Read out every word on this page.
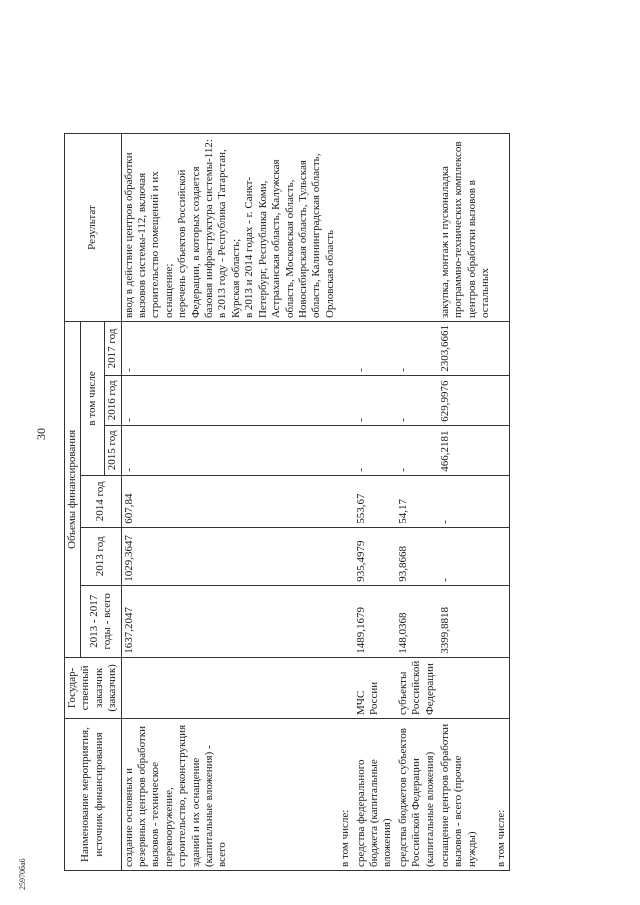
30
25970ба6
Наименование мероприятия, источник финансирования	Государ-ственный заказчик (заказчик)	Объемы финансирования						Результат
		2013 - 2017 годы - всего	2013 год	2014 год	в том числе			
					2015 год	2016 год	2017 год	
создание основных и резервных центров обработки вызовов - техническое перевооружение, строительство, реконструкция зданий и их оснащение (капитальные вложения) - всего		1637,2047	1029,3647	607,84	-	-	-	ввод в действие центров обработки вызовов системы-112, включая строительство помещений и их оснащение; перечень субъектов Российской Федерации, в которых создается базовая инфраструктура системы-112: в 2013 году - Республика Татарстан, Курская область; в 2013 и 2014 годах - г. Санкт-Петербург, Республика Коми, Астраханская область, Калужская область, Московская область, Новосибирская область, Тульская область, Калининградская область, Орловская область

в том числе:								
средства федерального бюджета (капитальные вложения)	МЧС России	1489,1679	935,4979	553,67	-	-	-	
средства бюджетов субъектов Российской Федерации (капитальные вложения)	субъекты Российской Федерации	148,0368	93,8668	54,17	-	-	-	
оснащение центров обработки вызовов - всего (прочие нужды)		3399,8818	-	-	466,2181	629,9976	2303,6661	закупка, монтаж и пусконаладка программно-технических комплексов центров обработки вызовов в остальных

в том числе:								
